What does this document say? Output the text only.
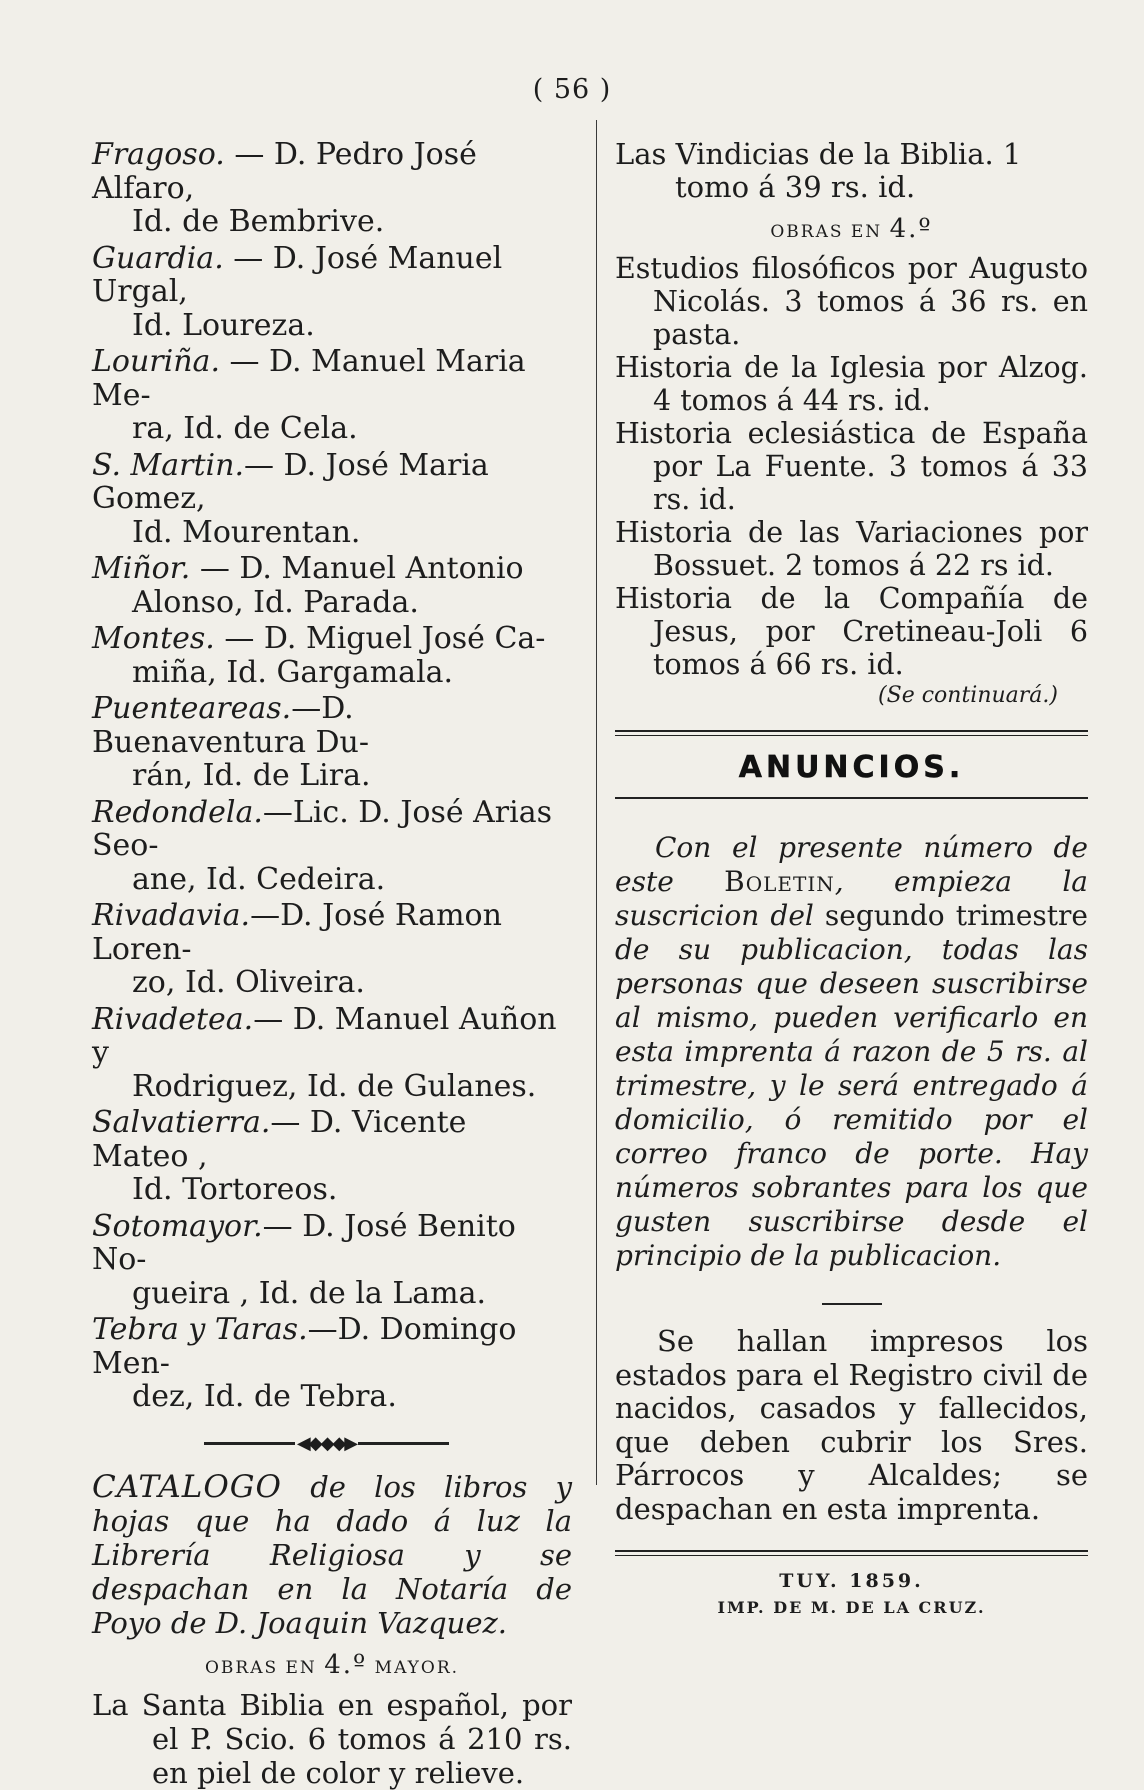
( 56 )
Fragoso. — D. Pedro José Alfaro,
Id. de Bembrive.
Guardia. — D. José Manuel Urgal,
Id. Loureza.
Louriña. — D. Manuel Maria Me-
ra, Id. de Cela.
S. Martin.— D. José Maria Gomez,
Id. Mourentan.
Miñor. — D. Manuel Antonio
Alonso, Id. Parada.
Montes. — D. Miguel José Ca-
miña, Id. Gargamala.
Puenteareas.—D. Buenaventura Du-
rán, Id. de Lira.
Redondela.—Lic. D. José Arias Seo-
ane, Id. Cedeira.
Rivadavia.—D. José Ramon Loren-
zo, Id. Oliveira.
Rivadetea.— D. Manuel Auñon y
Rodriguez, Id. de Gulanes.
Salvatierra.— D. Vicente Mateo ,
Id. Tortoreos.
Sotomayor.— D. José Benito No-
gueira , Id. de la Lama.
Tebra y Taras.—D. Domingo Men-
dez, Id. de Tebra.
◀◆◆◆▶
CATALOGO de los libros y hojas que ha dado á luz la Librería Religiosa y se despachan en la Notaría de Poyo de D. Joaquin Vazquez.
OBRAS EN 4.º MAYOR.
La Santa Biblia en español, por el P. Scio. 6 tomos á 210 rs. en piel de color y relieve.
Las Vindicias de la Biblia. 1 tomo á 39 rs. id.
OBRAS EN 4.º
Estudios filosóficos por Augusto Nicolás. 3 tomos á 36 rs. en pasta.
Historia de la Iglesia por Alzog. 4 tomos á 44 rs. id.
Historia eclesiástica de España por La Fuente. 3 tomos á 33 rs. id.
Historia de las Variaciones por Bossuet. 2 tomos á 22 rs id.
Historia de la Compañía de Jesus, por Cretineau-Joli 6 tomos á 66 rs. id.
(Se continuará.)
ANUNCIOS.
Con el presente número de este Boletin, empieza la suscricion del segundo trimestre de su publicacion, todas las personas que deseen suscribirse al mismo, pueden verificarlo en esta imprenta á razon de 5 rs. al trimestre, y le será entregado á domicilio, ó remitido por el correo franco de porte. Hay números sobrantes para los que gusten suscribirse desde el principio de la publicacion.
Se hallan impresos los estados para el Registro civil de nacidos, casados y fallecidos, que deben cubrir los Sres. Párrocos y Alcaldes; se despachan en esta imprenta.
TUY. 1859.
IMP. DE M. DE LA CRUZ.
